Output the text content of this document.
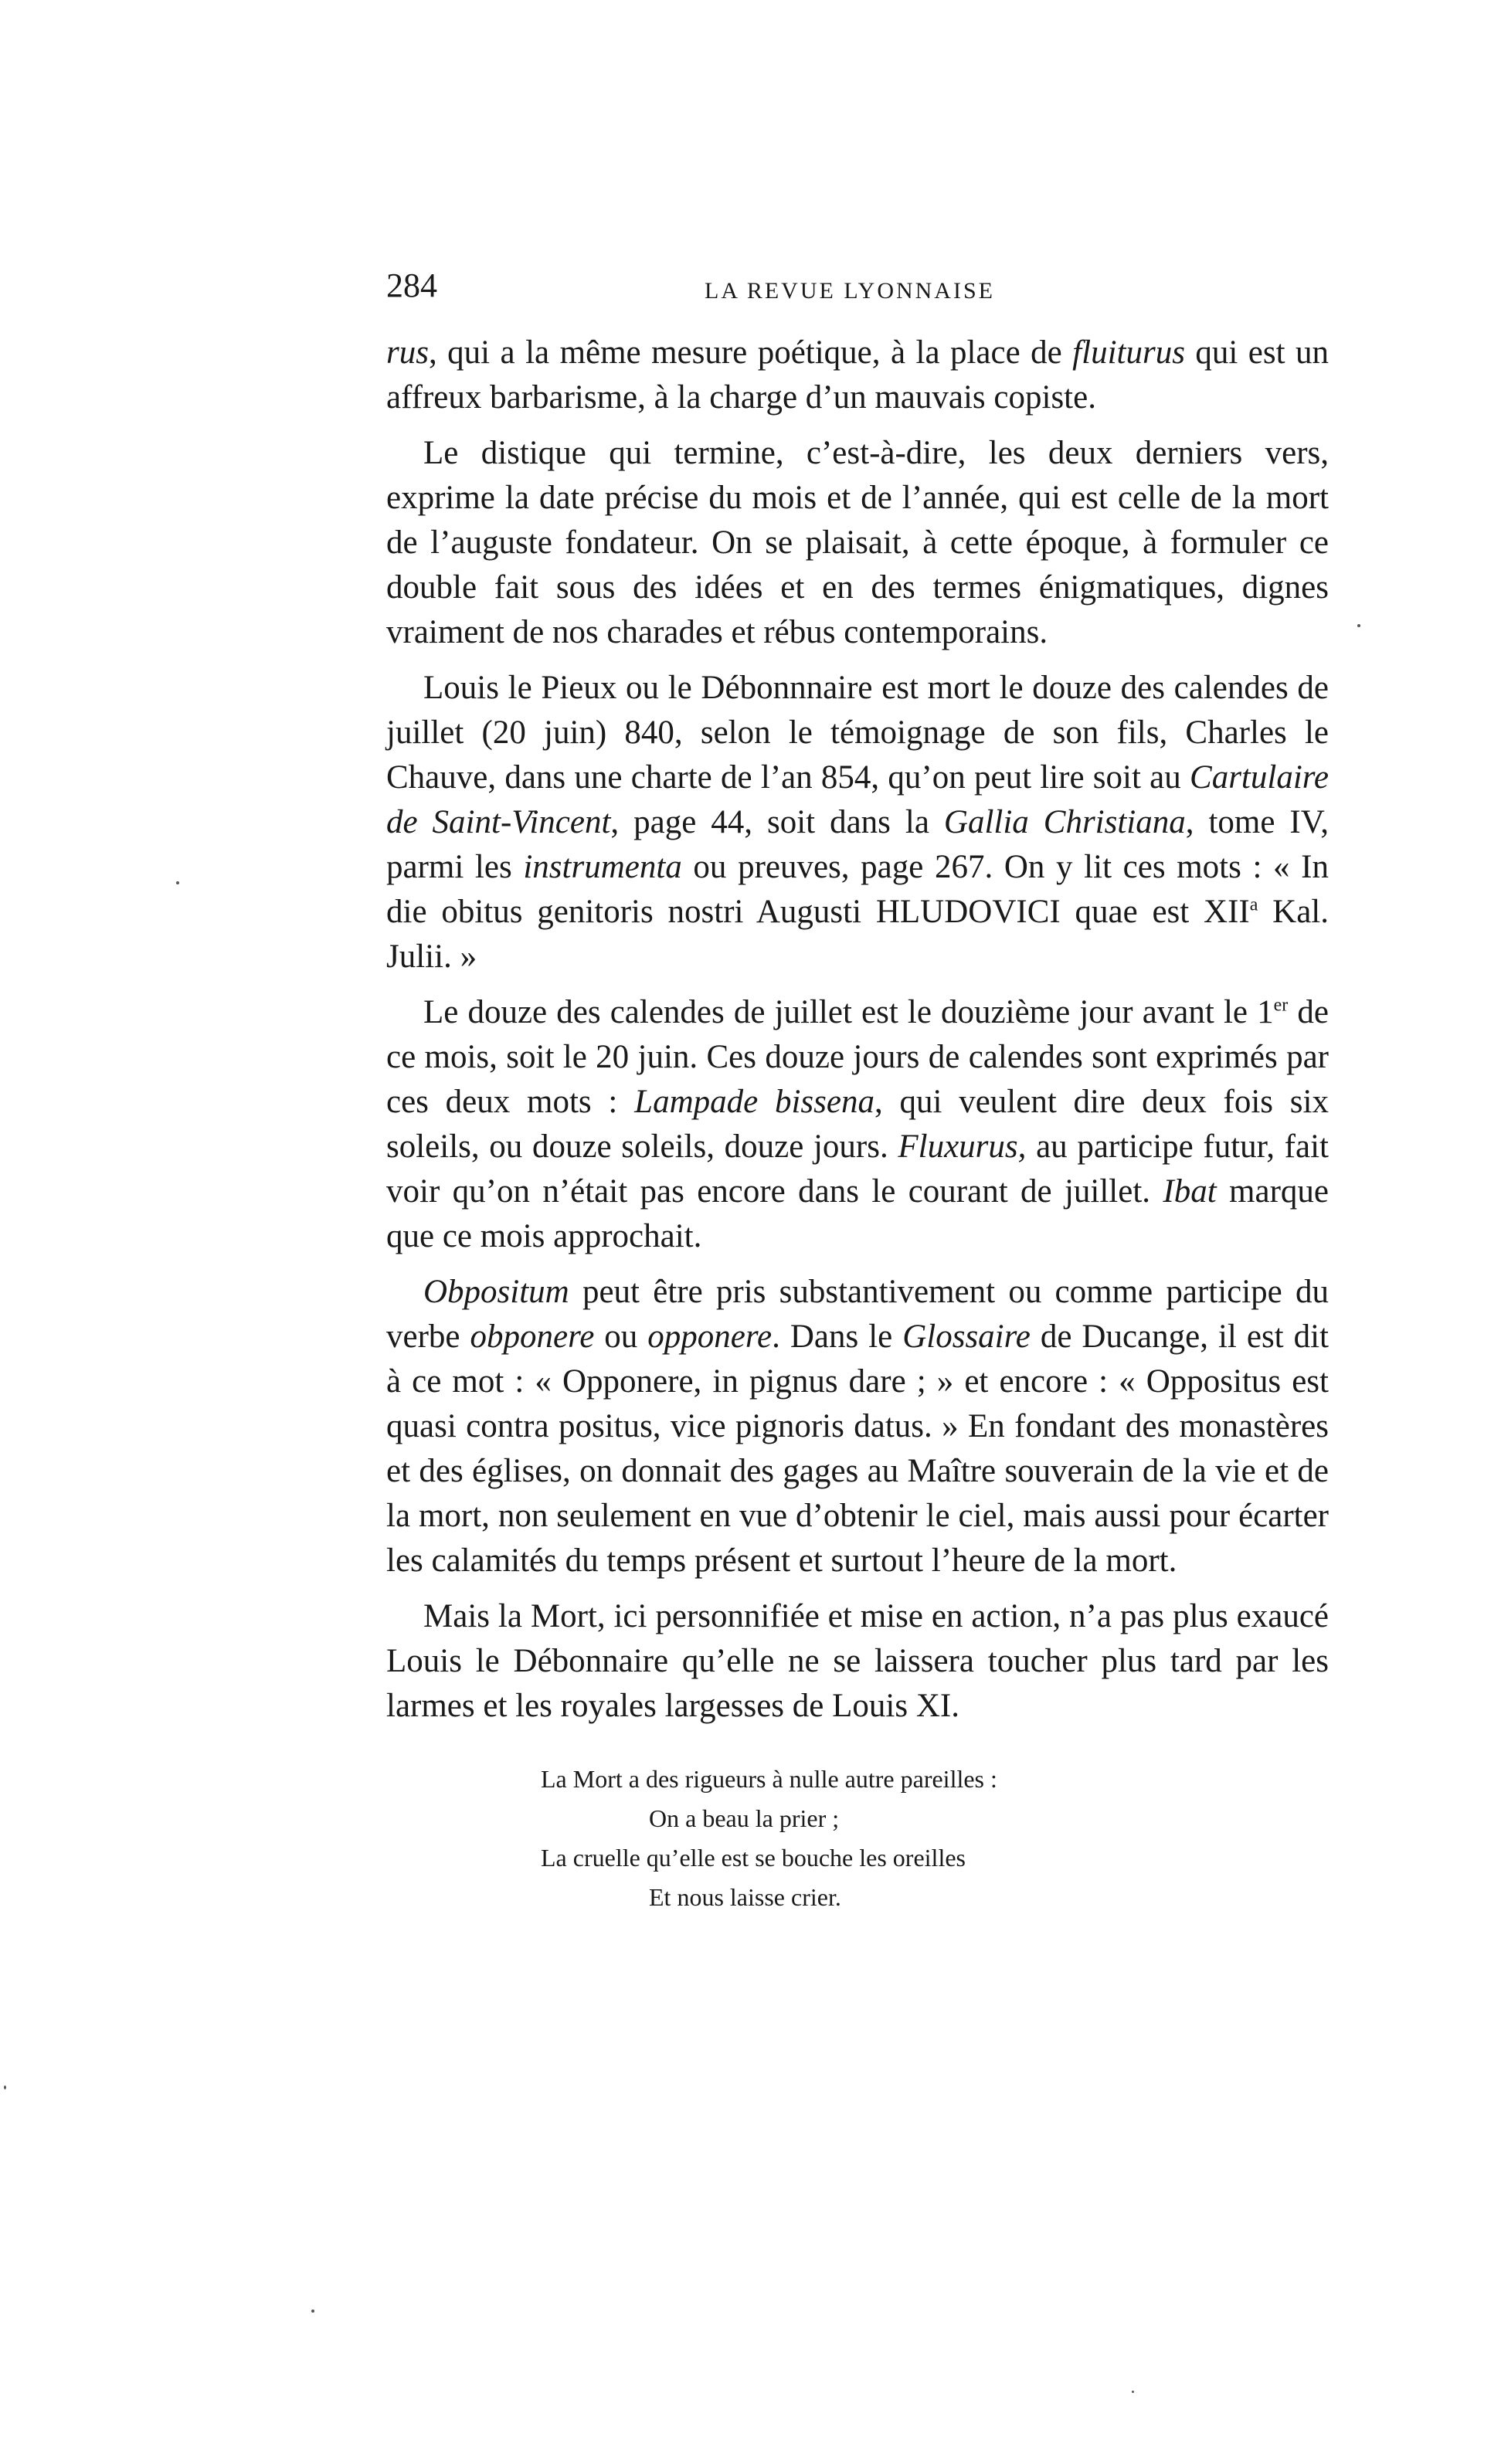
284	LA REVUE LYONNAISE

rus, qui a la même mesure poétique, à la place de fluiturus qui est un affreux barbarisme, à la charge d’un mauvais copiste.

Le distique qui termine, c’est-à-dire, les deux derniers vers, exprime la date précise du mois et de l’année, qui est celle de la mort de l’auguste fondateur. On se plaisait, à cette époque, à formuler ce double fait sous des idées et en des termes énigmatiques, dignes vraiment de nos charades et rébus contemporains.

Louis le Pieux ou le Débonnnaire est mort le douze des calendes de juillet (20 juin) 840, selon le témoignage de son fils, Charles le Chauve, dans une charte de l’an 854, qu’on peut lire soit au Cartulaire de Saint-Vincent, page 44, soit dans la Gallia Christiana, tome IV, parmi les instrumenta ou preuves, page 267. On y lit ces mots : « In die obitus genitoris nostri Augusti HLUDOVICI quae est XII$^a$ Kal. Julii. »

Le douze des calendes de juillet est le douzième jour avant le 1er de ce mois, soit le 20 juin. Ces douze jours de calendes sont exprimés par ces deux mots : Lampade bissena, qui veulent dire deux fois six soleils, ou douze soleils, douze jours. Fluxurus, au participe futur, fait voir qu’on n’était pas encore dans le courant de juillet. Ibat marque que ce mois approchait.

Obpositum peut être pris substantivement ou comme participe du verbe obponere ou opponere. Dans le Glossaire de Ducange, il est dit à ce mot : « Opponere, in pignus dare ; » et encore : « Oppositus est quasi contra positus, vice pignoris datus. » En fondant des monastères et des églises, on donnait des gages au Maître souverain de la vie et de la mort, non seulement en vue d’obtenir le ciel, mais aussi pour écarter les calamités du temps présent et surtout l’heure de la mort.

Mais la Mort, ici personnifiée et mise en action, n’a pas plus exaucé Louis le Débonnaire qu’elle ne se laissera toucher plus tard par les larmes et les royales largesses de Louis XI.

La Mort a des rigueurs à nulle autre pareilles :
On a beau la prier ;
La cruelle qu’elle est se bouche les oreilles
Et nous laisse crier.
